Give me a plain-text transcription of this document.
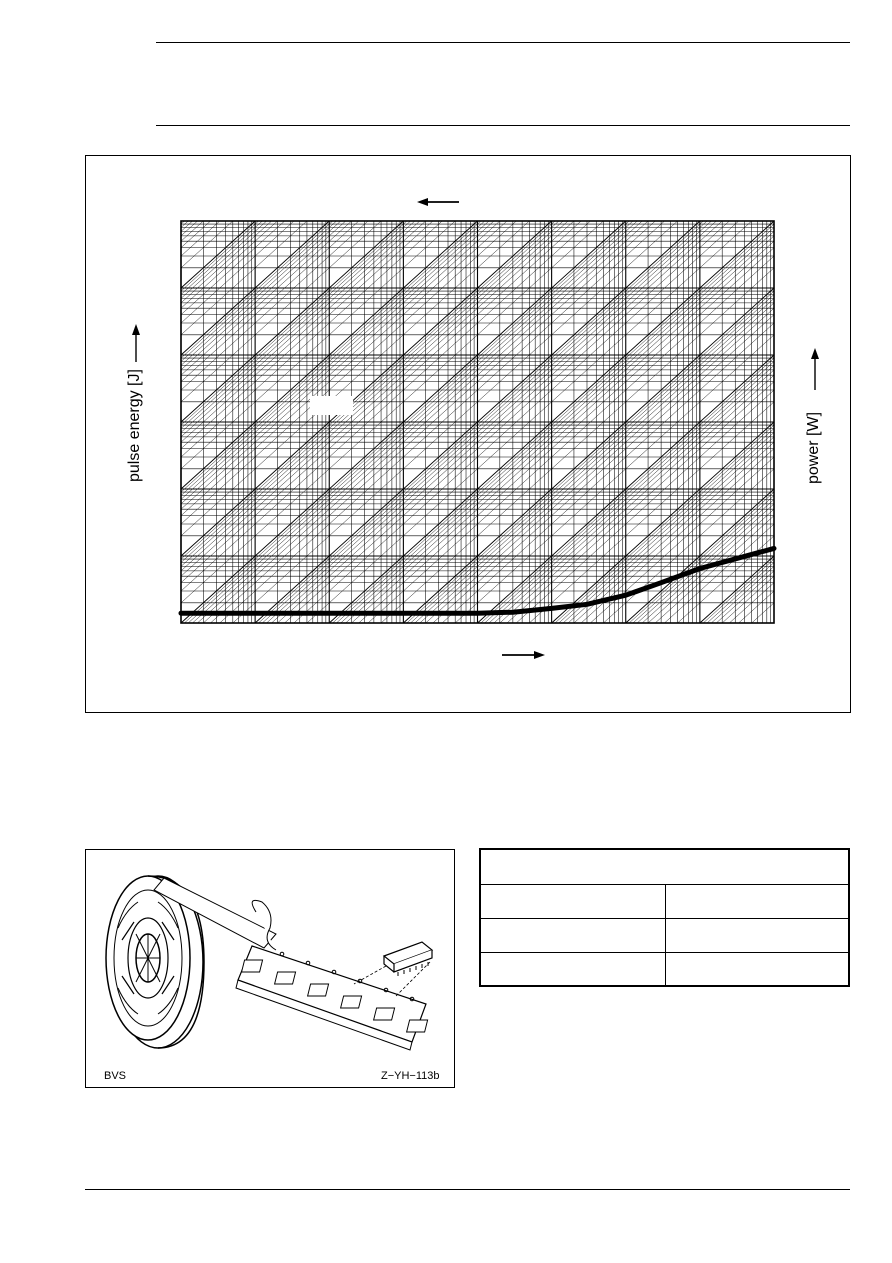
pulse energy [J]	power [W]
BVS	Z−YH−113b
